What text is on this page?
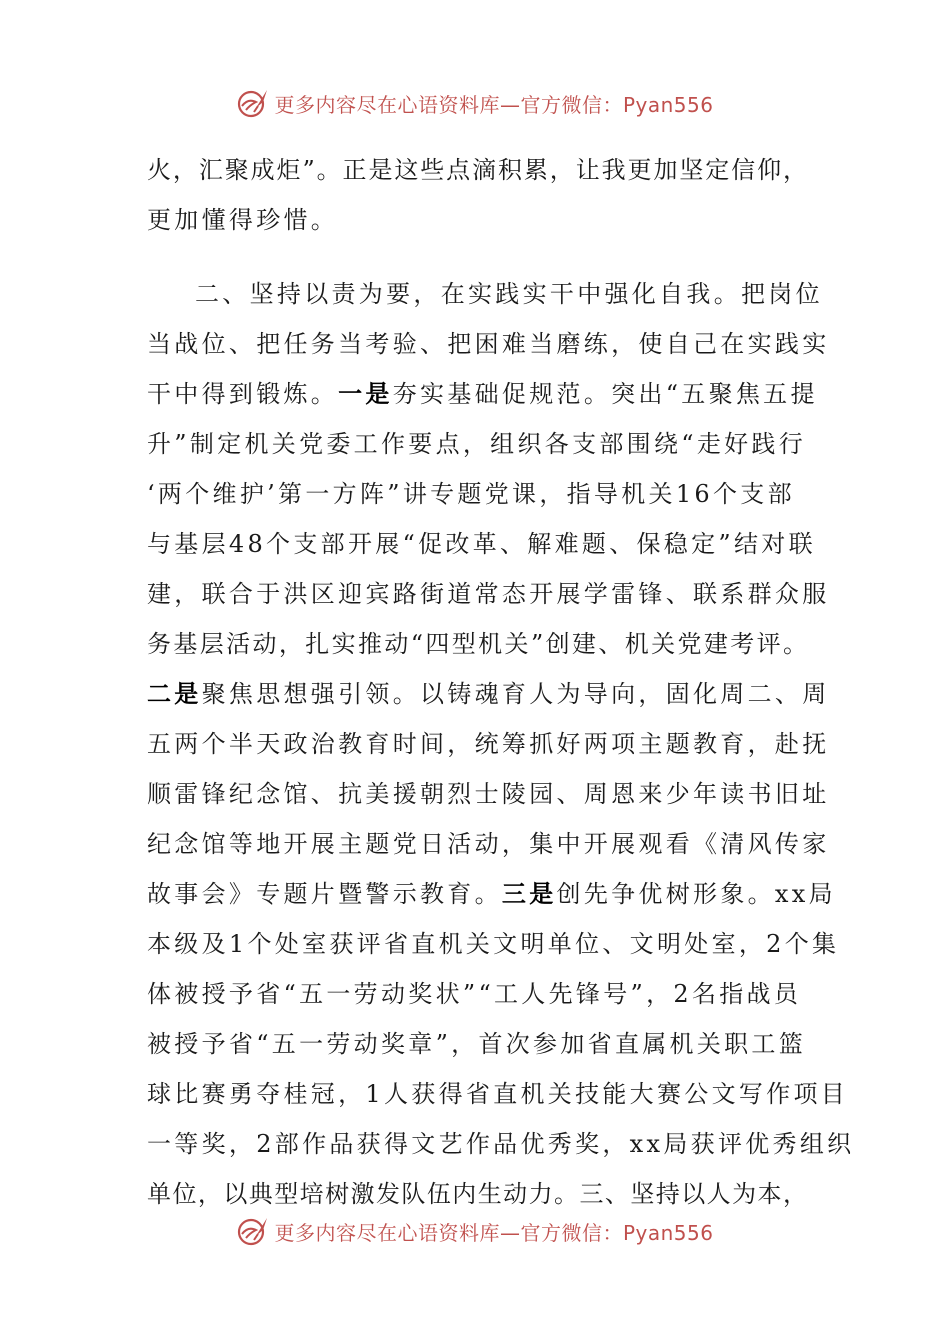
更多内容尽在心语资料库—官方微信：Pyan556
火，汇聚成炬”。正是这些点滴积累，让我更加坚定信仰，
更加懂得珍惜。
二、坚持以责为要，在实践实干中强化自我。把岗位
当战位、把任务当考验、把困难当磨练，使自己在实践实
干中得到锻炼。一是夯实基础促规范。突出“五聚焦五提
升”制定机关党委工作要点，组织各支部围绕“走好践行
‘两个维护’第一方阵”讲专题党课，指导机关16个支部
与基层48个支部开展“促改革、解难题、保稳定”结对联
建，联合于洪区迎宾路街道常态开展学雷锋、联系群众服
务基层活动，扎实推动“四型机关”创建、机关党建考评。
二是聚焦思想强引领。以铸魂育人为导向，固化周二、周
五两个半天政治教育时间，统筹抓好两项主题教育，赴抚
顺雷锋纪念馆、抗美援朝烈士陵园、周恩来少年读书旧址
纪念馆等地开展主题党日活动，集中开展观看《清风传家
故事会》专题片暨警示教育。三是创先争优树形象。xx局
本级及1个处室获评省直机关文明单位、文明处室，2个集
体被授予省“五一劳动奖状”“工人先锋号”，2名指战员
被授予省“五一劳动奖章”，首次参加省直属机关职工篮
球比赛勇夺桂冠，1人获得省直机关技能大赛公文写作项目
一等奖，2部作品获得文艺作品优秀奖，xx局获评优秀组织
单位，以典型培树激发队伍内生动力。三、坚持以人为本，
更多内容尽在心语资料库—官方微信：Pyan556
